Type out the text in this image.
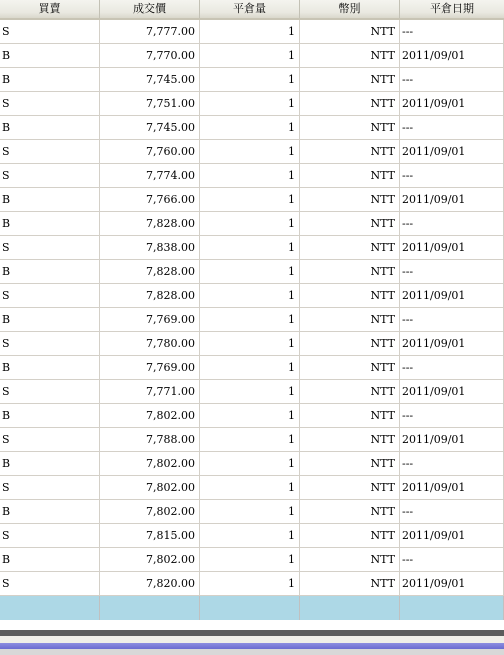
買賣	成交價	平倉量	幣別	平倉日期
S	7,777.00	1	NTT ---
B	7,770.00	1	NTT 2011/09/01
B	7,745.00	1	NTT ---
S	7,751.00	1	NTT 2011/09/01
B	7,745.00	1	NTT ---
S	7,760.00	1	NTT 2011/09/01
S	7,774.00	1	NTT ---
B	7,766.00	1	NTT 2011/09/01
B	7,828.00	1	NTT ---
S	7,838.00	1	NTT 2011/09/01
B	7,828.00	1	NTT ---
S	7,828.00	1	NTT 2011/09/01
B	7,769.00	1	NTT ---
S	7,780.00	1	NTT 2011/09/01
B	7,769.00	1	NTT ---
S	7,771.00	1	NTT 2011/09/01
B	7,802.00	1	NTT ---
S	7,788.00	1	NTT 2011/09/01
B	7,802.00	1	NTT ---
S	7,802.00	1	NTT 2011/09/01
B	7,802.00	1	NTT ---
S	7,815.00	1	NTT 2011/09/01
B	7,802.00	1	NTT ---
S	7,820.00	1	NTT 2011/09/01
